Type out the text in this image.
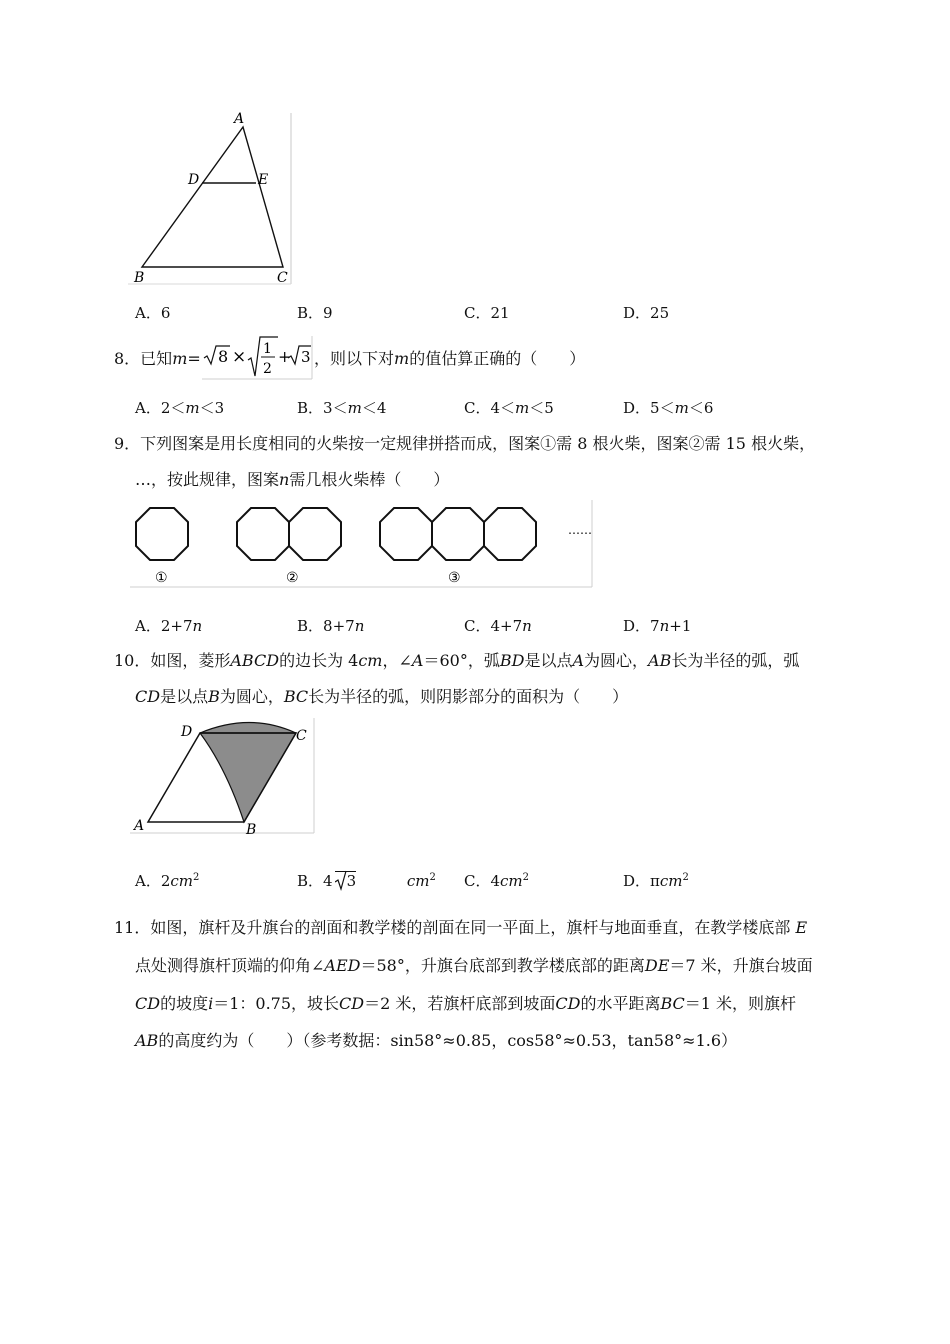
A
D	E
B	C
A．6	B．9	C．21	D．25
8．已知m= 8 × 1
2
+ 3 ，则以下对m的值估算正确的（　　）
A．2＜m＜3	B．3＜m＜4	C．4＜m＜5	D．5＜m＜6
9．下列图案是用长度相同的火柴按一定规律拼搭而成，图案①需 8 根火柴，图案②需 15 根火柴，
…，按此规律，图案n需几根火柴棒（　　）
……
①	②	③
A．2+7n	B．8+7n	C．4+7n	D．7n+1
10．如图，菱形ABCD的边长为 4cm，∠A＝60°，弧BD是以点A为圆心，AB长为半径的弧，弧
CD是以点B为圆心，BC长为半径的弧，则阴影部分的面积为（　　）
D	C
A	B
A．$2cm^2$	B．4 3	$cm^2$ C．$4cm^2$	D．πcm$^2$
11．如图，旗杆及升旗台的剖面和教学楼的剖面在同一平面上，旗杆与地面垂直，在教学楼底部 E
点处测得旗杆顶端的仰角∠AED＝58°，升旗台底部到教学楼底部的距离DE＝7 米，升旗台坡面
CD的坡度i＝1：0.75，坡长CD＝2 米，若旗杆底部到坡面CD的水平距离BC＝1 米，则旗杆
AB的高度约为（　　）（参考数据：sin58°≈0.85，cos58°≈0.53，tan58°≈1.6）
